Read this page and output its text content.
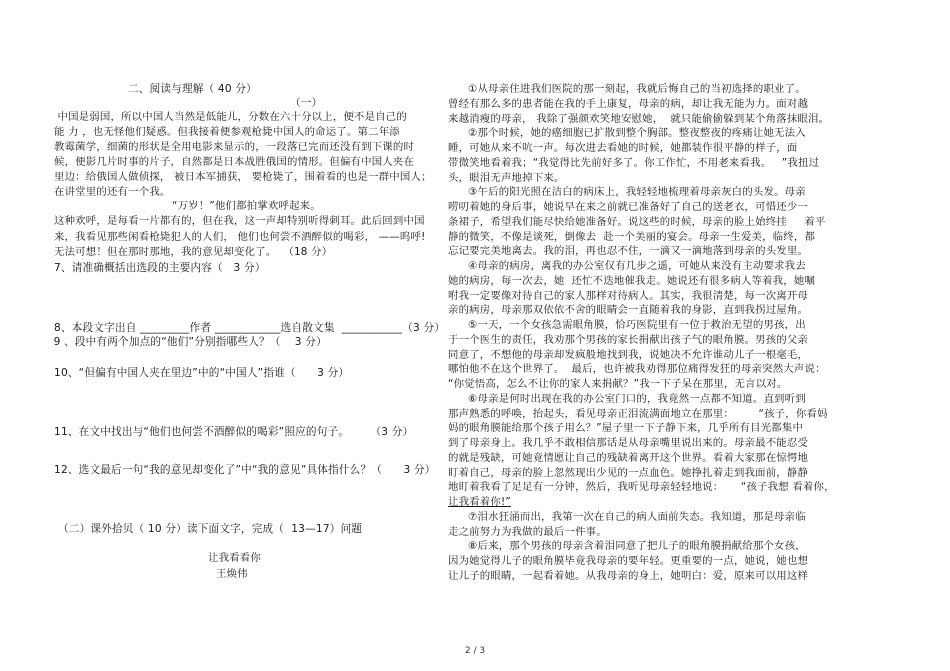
二、阅读与理解（ 40 分）
（一）
中国是弱国，所以中国人当然是低能儿，分数在六十分以上，便不是自己的
能 力 ，也无怪他们疑惑。但我接着便参观枪毙中国人的命运了。第二年添
教霉菌学，细菌的形状是全用电影来显示的，一段落已完而还没有到下课的时
候，便影几片时事的片子，自然都是日本战胜俄国的情形。但偏有中国人夹在
里边：给俄国人做侦探， 被日本军捕获， 要枪毙了，围着看的也是一群中国人；
在讲堂里的还有一个我。
“万岁！”他们都拍掌欢呼起来。
这种欢呼，是每看一片都有的，但在我，这一声却特别听得刺耳。此后回到中国
来，我看见那些闲看枪毙犯人的人们， 他们也何尝不酒醉似的喝彩， ——呜呼!
无法可想！但在那时那地，我的意见却变化了。  （18 分）
7、请准确概括出选段的主要内容（   3 分）
8、本段文字出自 _________作者 ____________选自散文集  ___________（3 分）
9 、段中有两个加点的“他们”分别指哪些人？（    3 分）
10、“但偏有中国人夹在里边”中的“中国人”指谁（      3 分）
11、在文中找出与“他们也何尝不酒醉似的喝彩”照应的句子。      （3 分）
12、选文最后一句“我的意见却变化了”中“我的意见”具体指什么？（      3 分）
（二）课外拾贝（ 10 分）读下面文字，完成（  13—17）问题
让我看看你
王焕伟
①从母亲住进我们医院的那一刻起，我就后悔自己的当初选择的职业了。
曾经有那么多的患者能在我的手上康复，母亲的病，却让我无能为力。面对越
来越消瘦的母亲， 我除了强颜欢笑地安慰她，  就只能偷偷躲到某个角落抹眼泪。
②那个时候，她的癌细胞已扩散到整个胸部。整夜整夜的疼痛让她无法入
睡，可她从来不吭一声。每次进去看她的时候，她都装作很平静的样子，面
带微笑地看着我；“我觉得比先前好多了。你工作忙，不用老来看我。   ”我扭过
头，眼泪无声地掉下来。
③午后的阳光照在洁白的病床上，我轻轻地梳理着母亲灰白的头发。母亲
唠叨着她的身后事，她说早在来之前就已准备好了自己的送老衣，可惜还少一
条裙子，希望我们能尽快给她准备好。说这些的时候，母亲的脸上始终挂     着平
静的微笑，不像是谈死，倒像去  赴一个美丽的宴会。母亲一生爱美，临终，都
忘记要完美地离去。我的泪，再也忍不住，一滴又一滴地落到母亲的头发里。
④母亲的病房，离我的办公室仅有几步之遥，可她从来没有主动要求我去
她的病房，每一次去，她  还忙不迭地催我走。她说还有很多病人等着我，她嘱
咐我一定要像对待自己的家人那样对待病人。其实，我很清楚，每一次离开母
亲的病房，母亲那双依依不舍的眼睛会一直随着我的身影，直到我拐过屋角。
⑤一天，一个女孩急需眼角膜，恰巧医院里有一位于救治无望的男孩，出
于一个医生的责任，我劝那个男孩的家长捐献出孩子气的眼角膜。男孩的父亲
同意了，不想他的母亲却发疯般地找到我，说她决不允许谁动儿子一根毫毛，
哪怕他不在这个世界了。  最后，也许被我劝得那位痛得发狂的母亲突然大声说：
“你觉悟高，怎么不让你的家人来捐献？”我一下子呆在那里，无言以对。
⑥母亲是何时出现在我的办公室门口的，我竟然一点都不知道。直到听到
那声熟悉的呼唤，抬起头，看见母亲正泪流满面地立在那里：       “孩子，你看妈
妈的眼角膜能给那个孩子用么？”屋子里一下子静下来，几乎所有目光都集中
到了母亲身上。我几乎不敢相信那话是从母亲嘴里说出来的。母亲最不能忍受
的就是残缺，可她竟情愿让自己的残缺着离开这个世界。看着大家那在惊愕地
盯着自己，母亲的脸上忽然现出少见的一点血色。她挣扎着走到我面前，静静
地盯着我看了足足有一分钟，然后，我听见母亲轻轻地说：     “孩子我想 看着你，
让我看着你!”
⑦泪水狂涌而出，我第一次在自己的病人面前失态。我知道，那是母亲临
走之前努力为我做的最后一件事。
⑧后来，那个男孩的母亲含着泪同意了把儿子的眼角膜捐献给那个女孩，
因为她觉得儿子的眼角膜毕竟我母亲的要年轻。更重要的一点，她说，她也想
让儿子的眼睛，一起看着她。从我母亲的身上，她明白：爱，原来可以用这样
2 / 3
